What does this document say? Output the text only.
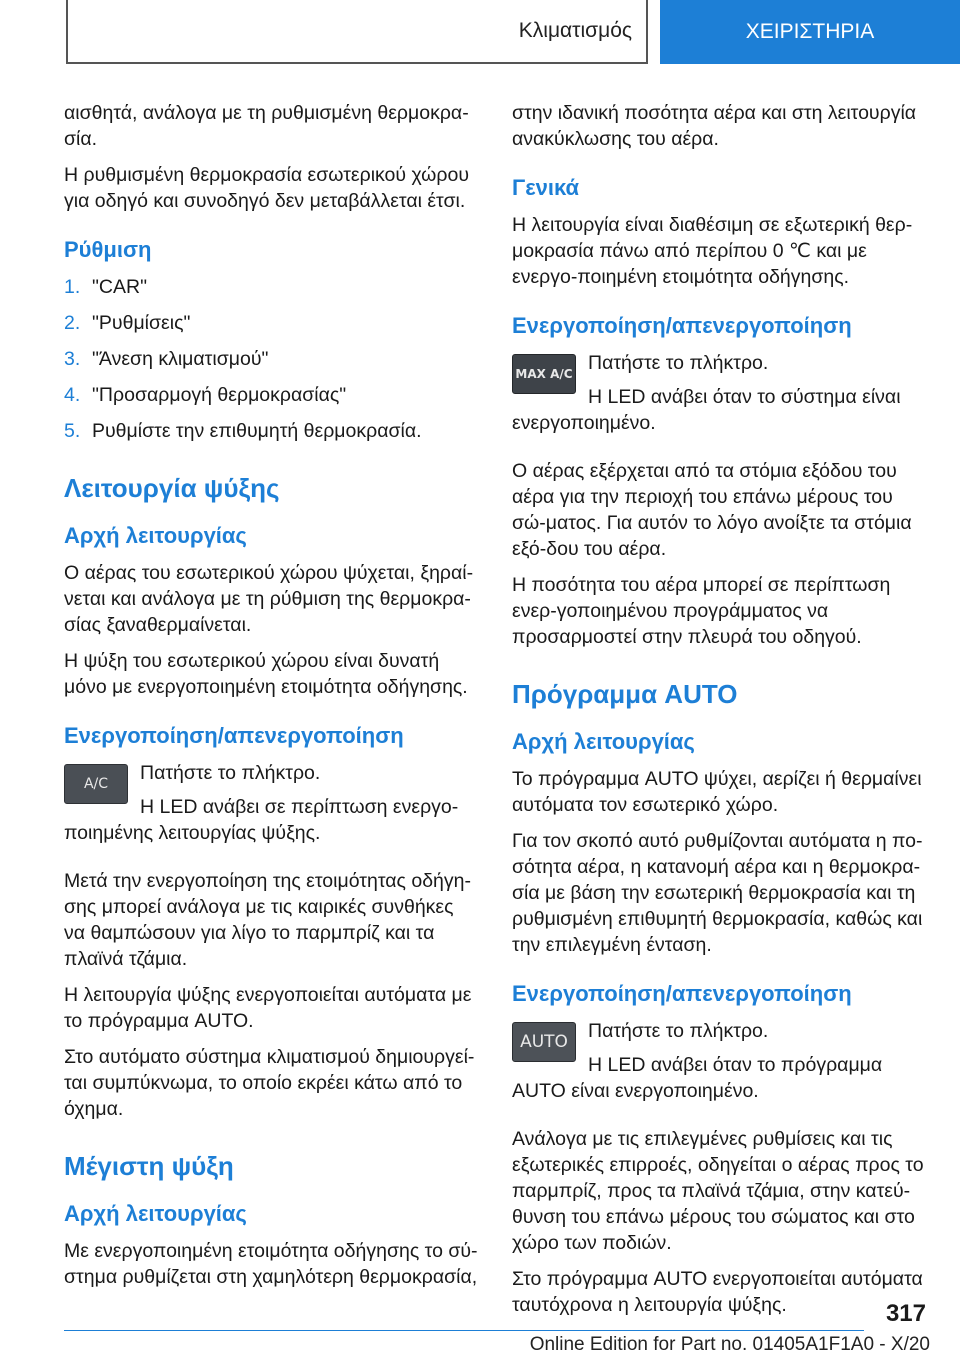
Κλιματισμός	ΧΕΙΡΙΣΤΗΡΙΑ

αισθητά, ανάλογα με τη ρυθμισμένη θερμοκρα-σία.

Η ρυθμισμένη θερμοκρασία εσωτερικού χώρου για οδηγό και συνοδηγό δεν μεταβάλλεται έτσι.

Ρύθμιση
1. "CAR"
2. "Ρυθμίσεις"
3. "Άνεση κλιματισμού"
4. "Προσαρμογή θερμοκρασίας"
5. Ρυθμίστε την επιθυμητή θερμοκρασία.
Λειτουργία ψύξης
Αρχή λειτουργίας

Ο αέρας του εσωτερικού χώρου ψύχεται, ξηραί-νεται και ανάλογα με τη ρύθμιση της θερμοκρα-σίας ξαναθερμαίνεται.

Η ψύξη του εσωτερικού χώρου είναι δυνατή μόνο με ενεργοποιημένη ετοιμότητα οδήγησης.

Ενεργοποίηση/απενεργοποίηση
A/C	Πατήστε το πλήκτρο.

Η LED ανάβει σε περίπτωση ενεργο-ποιημένης λειτουργίας ψύξης.

Μετά την ενεργοποίηση της ετοιμότητας οδήγη-σης μπορεί ανάλογα με τις καιρικές συνθήκες να θαμπώσουν για λίγο το παρμπρίζ και τα πλαϊνά τζάμια.

Η λειτουργία ψύξης ενεργοποιείται αυτόματα με το πρόγραμμα AUTO.

Στο αυτόματο σύστημα κλιματισμού δημιουργεί-ται συμπύκνωμα, το οποίο εκρέει κάτω από το όχημα.

Μέγιστη ψύξη
Αρχή λειτουργίας

Με ενεργοποιημένη ετοιμότητα οδήγησης το σύ-στημα ρυθμίζεται στη χαμηλότερη θερμοκρασία,

στην ιδανική ποσότητα αέρα και στη λειτουργία ανακύκλωσης του αέρα.

Γενικά

Η λειτουργία είναι διαθέσιμη σε εξωτερική θερ-μοκρασία πάνω από περίπου 0 ℃ και με ενεργο-ποιημένη ετοιμότητα οδήγησης.

Ενεργοποίηση/απενεργοποίηση
MAX A/C Πατήστε το πλήκτρο.

Η LED ανάβει όταν το σύστημα είναι ενεργοποιημένο.

Ο αέρας εξέρχεται από τα στόμια εξόδου του αέρα για την περιοχή του επάνω μέρους του σώ-ματος. Για αυτόν το λόγο ανοίξτε τα στόμια εξό-δου του αέρα.

Η ποσότητα του αέρα μπορεί σε περίπτωση ενερ-γοποιημένου προγράμματος να προσαρμοστεί στην πλευρά του οδηγού.

Πρόγραμμα AUTO
Αρχή λειτουργίας

Το πρόγραμμα AUTO ψύχει, αερίζει ή θερμαίνει αυτόματα τον εσωτερικό χώρο.

Για τον σκοπό αυτό ρυθμίζονται αυτόματα η πο-σότητα αέρα, η κατανομή αέρα και η θερμοκρα-σία με βάση την εσωτερική θερμοκρασία και τη ρυθμισμένη επιθυμητή θερμοκρασία, καθώς και την επιλεγμένη ένταση.

Ενεργοποίηση/απενεργοποίηση
AUTO	Πατήστε το πλήκτρο.

Η LED ανάβει όταν το πρόγραμμα AUTO είναι ενεργοποιημένο.

Ανάλογα με τις επιλεγμένες ρυθμίσεις και τις εξωτερικές επιρροές, οδηγείται ο αέρας προς το παρμπρίζ, προς τα πλαϊνά τζάμια, στην κατεύ-θυνση του επάνω μέρους του σώματος και στο χώρο των ποδιών.

Στο πρόγραμμα AUTO ενεργοποιείται αυτόματα ταυτόχρονα η λειτουργία ψύξης.	317
Online Edition for Part no. 01405A1F1A0 - X/20
